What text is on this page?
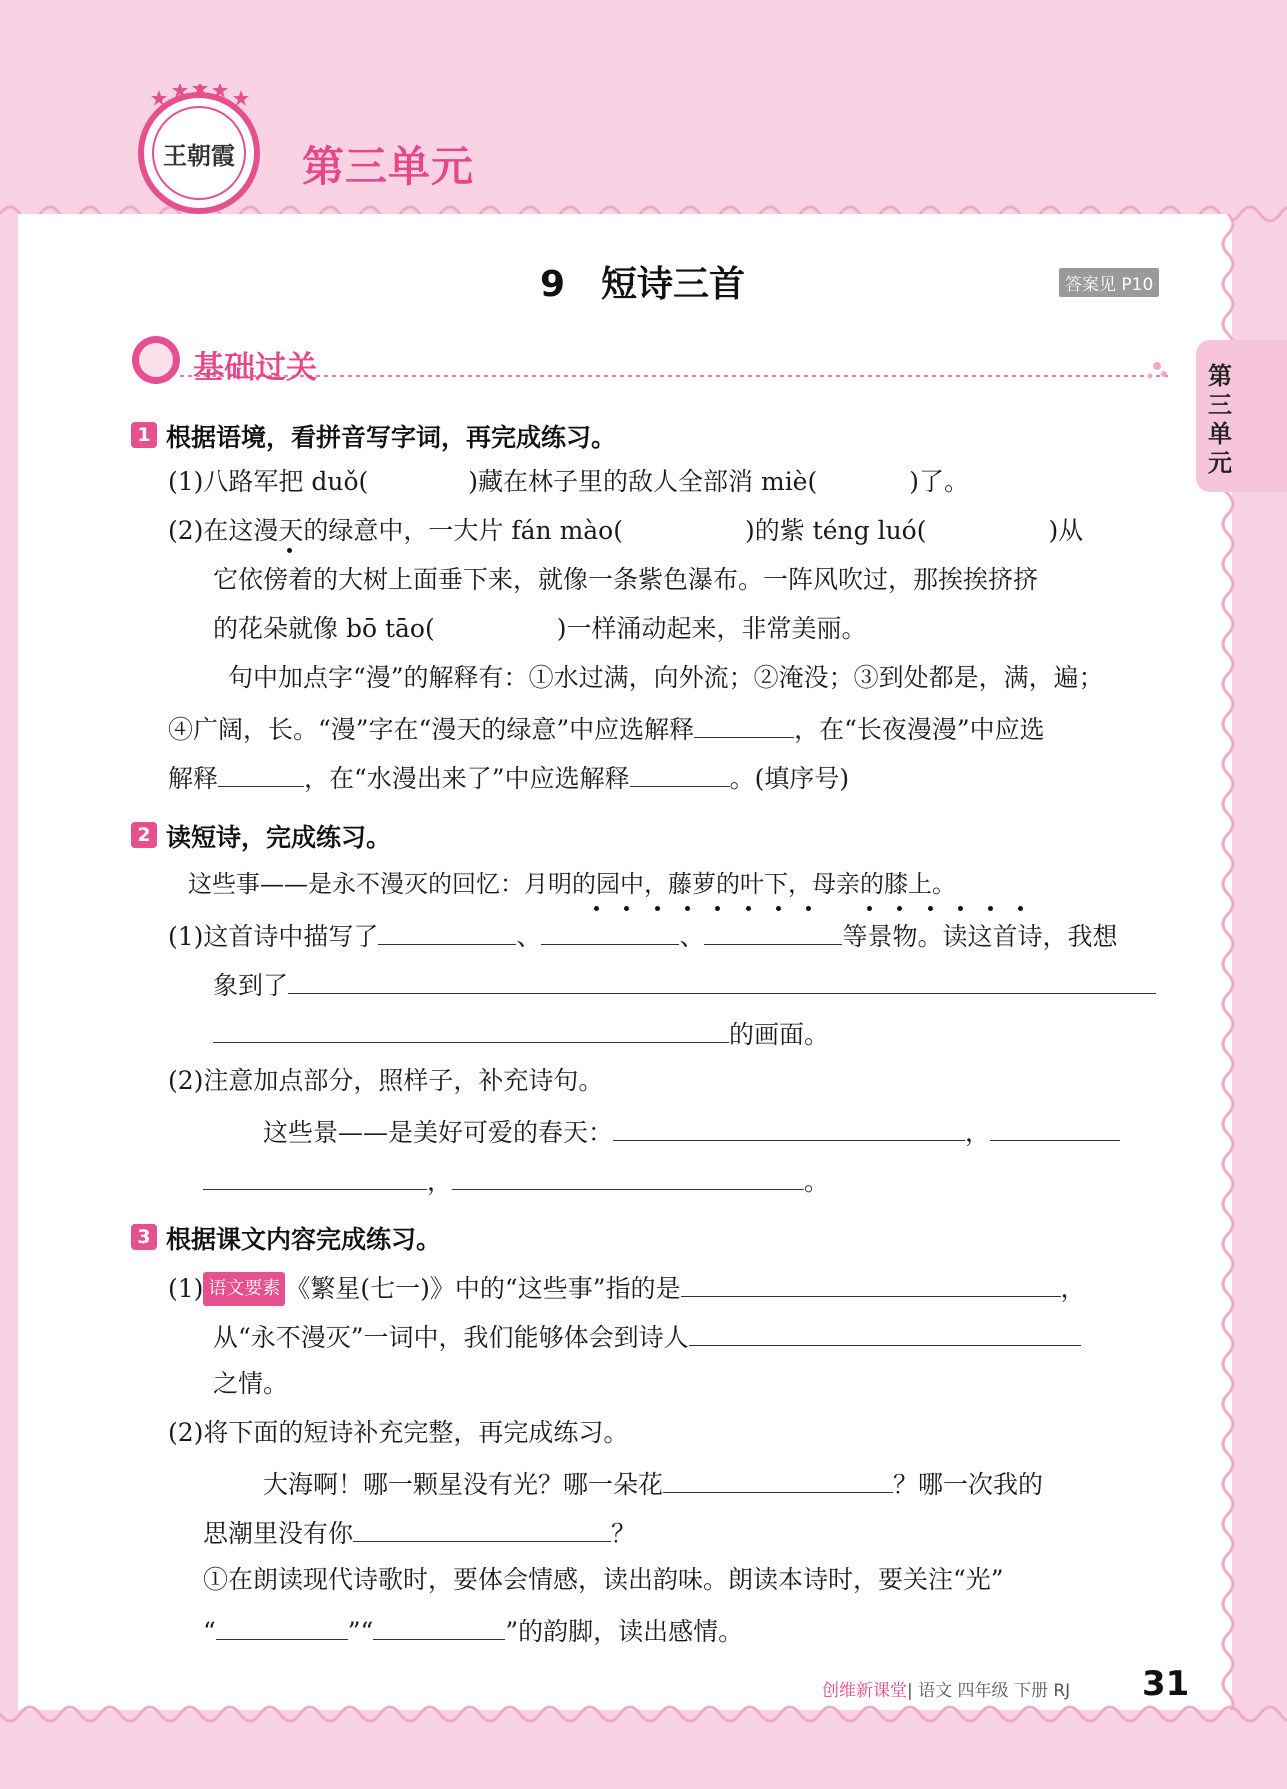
王朝霞 第三单元
第三单元
9　短诗三首	答案见 P10
基础过关
1 根据语境，看拼音写字词，再完成练习。
(1)八路军把 duǒ(	)藏在林子里的敌人全部消 miè(	)了。
(2)在这漫天的绿意中，一大片 fán mào(	)的紫 téng luó(	)从
它依傍着的大树上面垂下来，就像一条紫色瀑布。一阵风吹过，那挨挨挤挤
的花朵就像 bō tāo(	)一样涌动起来，非常美丽。
句中加点字“漫”的解释有：①水过满，向外流；②淹没；③到处都是，满，遍；
④广阔，长。“漫”字在“漫天的绿意”中应选解释	，在“长夜漫漫”中应选
解释	，在“水漫出来了”中应选解释	。(填序号)
2 读短诗，完成练习。
这些事——是永不漫灭的回忆：月明的园中，藤萝的叶下，母亲的膝上。
(1)这首诗中描写了	、	、	等景物。读这首诗，我想
象到了
的画面。
(2)注意加点部分，照样子，补充诗句。
这些景——是美好可爱的春天：	，
，	。
3 根据课文内容完成练习。
(1) 语文要素 《繁星(七一)》中的“这些事”指的是	，
从“永不漫灭”一词中，我们能够体会到诗人
之情。
(2)将下面的短诗补充完整，再完成练习。
大海啊！哪一颗星没有光？哪一朵花	？哪一次我的
思潮里没有你	？
①在朗读现代诗歌时，要体会情感，读出韵味。朗读本诗时，要关注“光”
“	”“	”的韵脚，读出感情。
创维新课堂| 语文 四年级 下册 RJ 31
